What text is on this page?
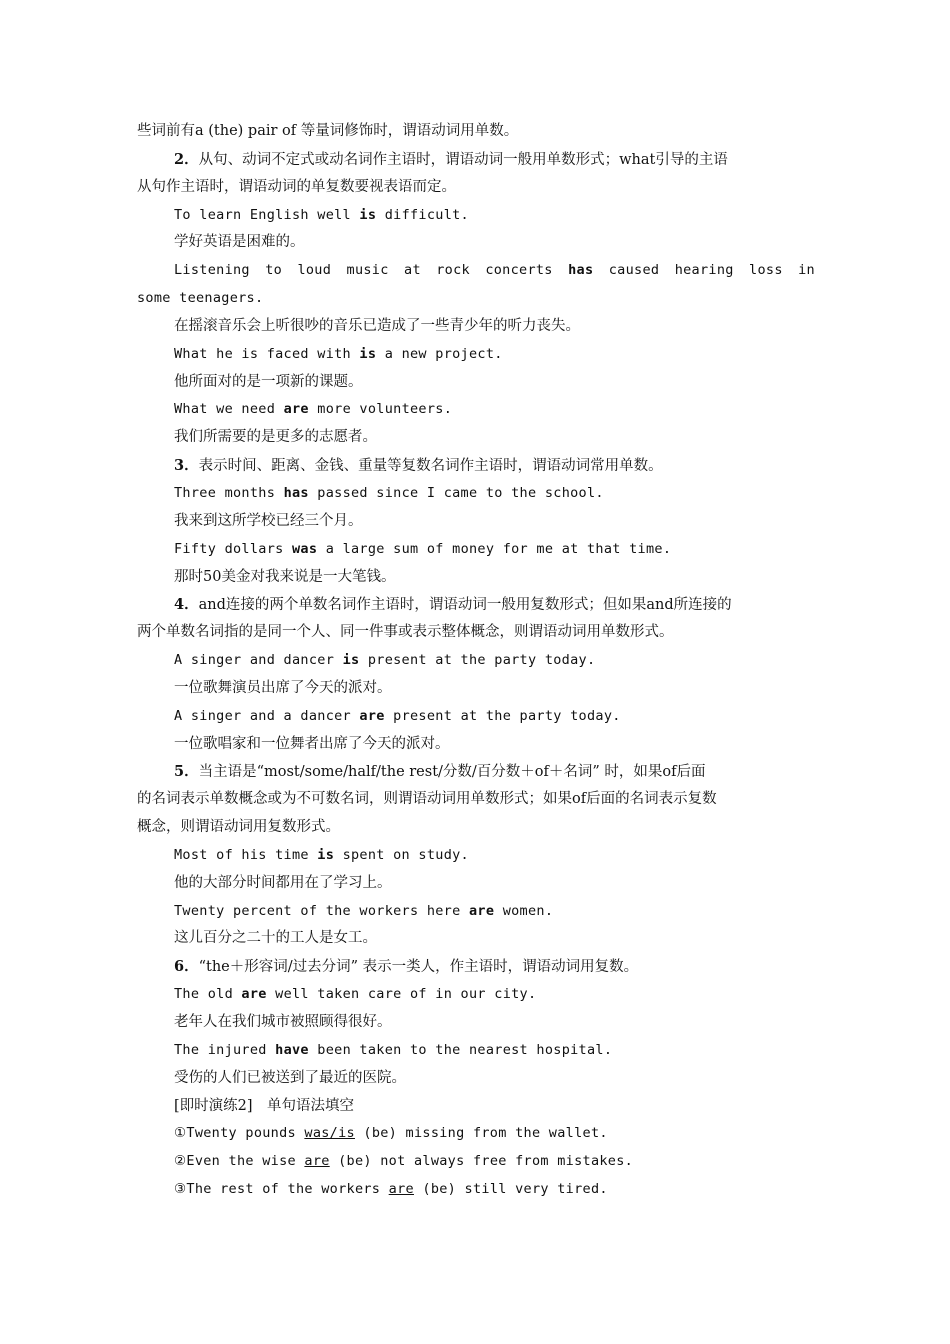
些词前有a (the) pair of 等量词修饰时，谓语动词用单数。
2．从句、动词不定式或动名词作主语时，谓语动词一般用单数形式；what引导的主语
从句作主语时，谓语动词的单复数要视表语而定。
To learn English well is difficult.
学好英语是困难的。
Listening to loud music at rock concerts has caused hearing loss in
some teenagers.
在摇滚音乐会上听很吵的音乐已造成了一些青少年的听力丧失。
What he is faced with is a new project.
他所面对的是一项新的课题。
What we need are more volunteers.
我们所需要的是更多的志愿者。
3．表示时间、距离、金钱、重量等复数名词作主语时，谓语动词常用单数。
Three months has passed since I came to the school.
我来到这所学校已经三个月。
Fifty dollars was a large sum of money for me at that time.
那时50美金对我来说是一大笔钱。
4．and连接的两个单数名词作主语时，谓语动词一般用复数形式；但如果and所连接的
两个单数名词指的是同一个人、同一件事或表示整体概念，则谓语动词用单数形式。
A singer and dancer is present at the party today.
一位歌舞演员出席了今天的派对。
A singer and a dancer are present at the party today.
一位歌唱家和一位舞者出席了今天的派对。
5．当主语是“most/some/half/the rest/分数/百分数＋of＋名词” 时，如果of后面
的名词表示单数概念或为不可数名词，则谓语动词用单数形式；如果of后面的名词表示复数
概念，则谓语动词用复数形式。
Most of his time is spent on study.
他的大部分时间都用在了学习上。
Twenty percent of the workers here are women.
这儿百分之二十的工人是女工。
6．“the＋形容词/过去分词” 表示一类人，作主语时，谓语动词用复数。
The old are well taken care of in our city.
老年人在我们城市被照顾得很好。
The injured have been taken to the nearest hospital.
受伤的人们已被送到了最近的医院。
[即时演练2]　单句语法填空
①Twenty pounds was/is (be) missing from the wallet.
②Even the wise are (be) not always free from mistakes.
③The rest of the workers are (be) still very tired.
